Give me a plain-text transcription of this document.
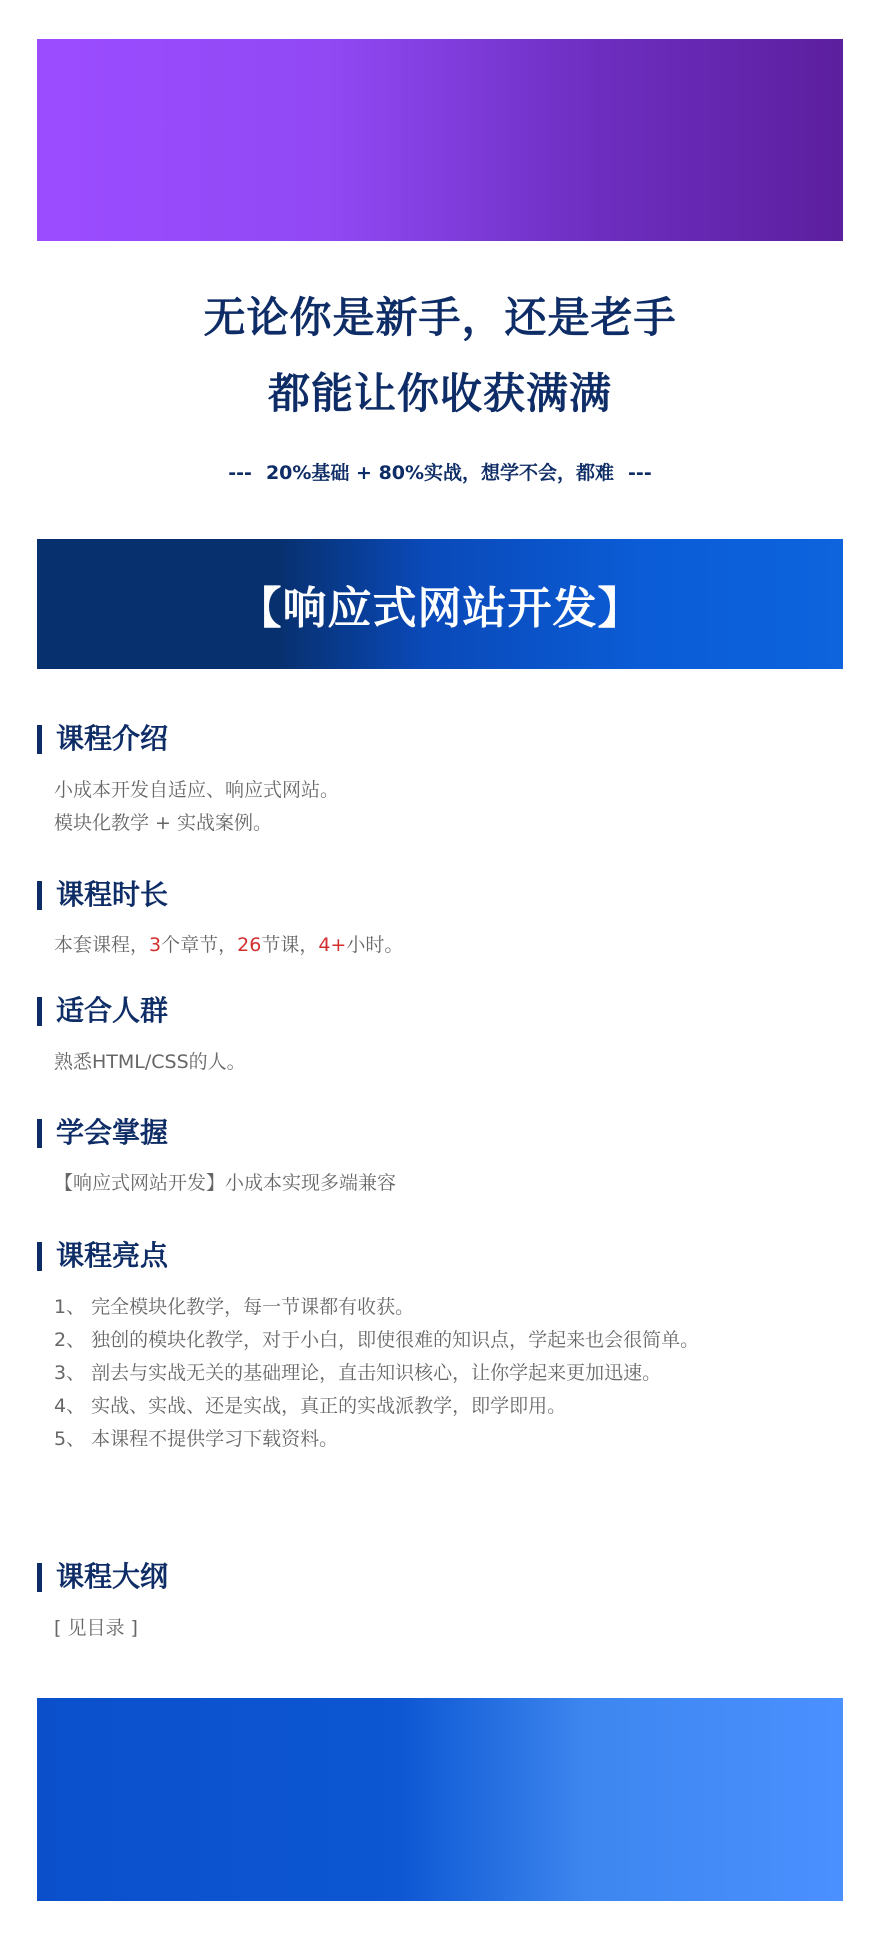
无论你是新手，还是老手
都能让你收获满满
--- 20%基础 + 80%实战，想学不会，都难 ---
【响应式网站开发】
课程介绍
小成本开发自适应、响应式网站。
模块化教学 + 实战案例。
课程时长
本套课程，3个章节，26节课，4+小时。
适合人群
熟悉HTML/CSS的人。
学会掌握
【响应式网站开发】小成本实现多端兼容
课程亮点
1、 完全模块化教学，每一节课都有收获。
2、 独创的模块化教学，对于小白，即使很难的知识点，学起来也会很简单。
3、 剖去与实战无关的基础理论，直击知识核心，让你学起来更加迅速。
4、 实战、实战、还是实战，真正的实战派教学，即学即用。
5、 本课程不提供学习下载资料。
课程大纲
[ 见目录 ]
